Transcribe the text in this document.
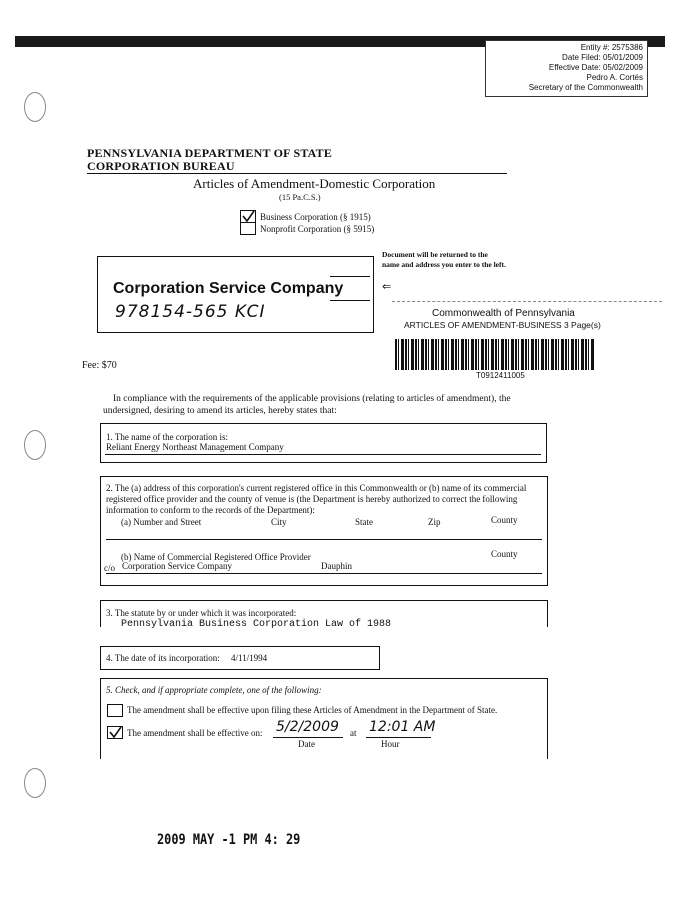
Entity #: 2575386
Date Filed: 05/01/2009
Effective Date: 05/02/2009
Pedro A. Cortés
Secretary of the Commonwealth
PENNSYLVANIA DEPARTMENT OF STATE
CORPORATION BUREAU
Articles of Amendment-Domestic Corporation
(15 Pa.C.S.)
Business Corporation (§ 1915)
Nonprofit Corporation (§ 5915)
Corporation Service Company
978154-565 KCI
Document will be returned to the name and address you enter to the left.
⇐
Commonwealth of Pennsylvania
ARTICLES OF AMENDMENT-BUSINESS 3 Page(s)
T0912411005
Fee: $70
In compliance with the requirements of the applicable provisions (relating to articles of amendment), the undersigned, desiring to amend its articles, hereby states that:
1. The name of the corporation is:
Reliant Energy Northeast Management Company
2. The (a) address of this corporation's current registered office in this Commonwealth or (b) name of its commercial registered office provider and the county of venue is (the Department is hereby authorized to correct the following information to conform to the records of the Department):
(a) Number and Street	City	State	Zip	County
(b) Name of Commercial Registered Office Provider	County
c/o Corporation Service Company	Dauphin
3. The statute by or under which it was incorporated:
Pennsylvania Business Corporation Law of 1988
4. The date of its incorporation: 4/11/1994
5. Check, and if appropriate complete, one of the following:
The amendment shall be effective upon filing these Articles of Amendment in the Department of State.
The amendment shall be effective on: 5/2/2009 at 12:01 AM
Date	Hour
2009 MAY -1 PM 4: 29
